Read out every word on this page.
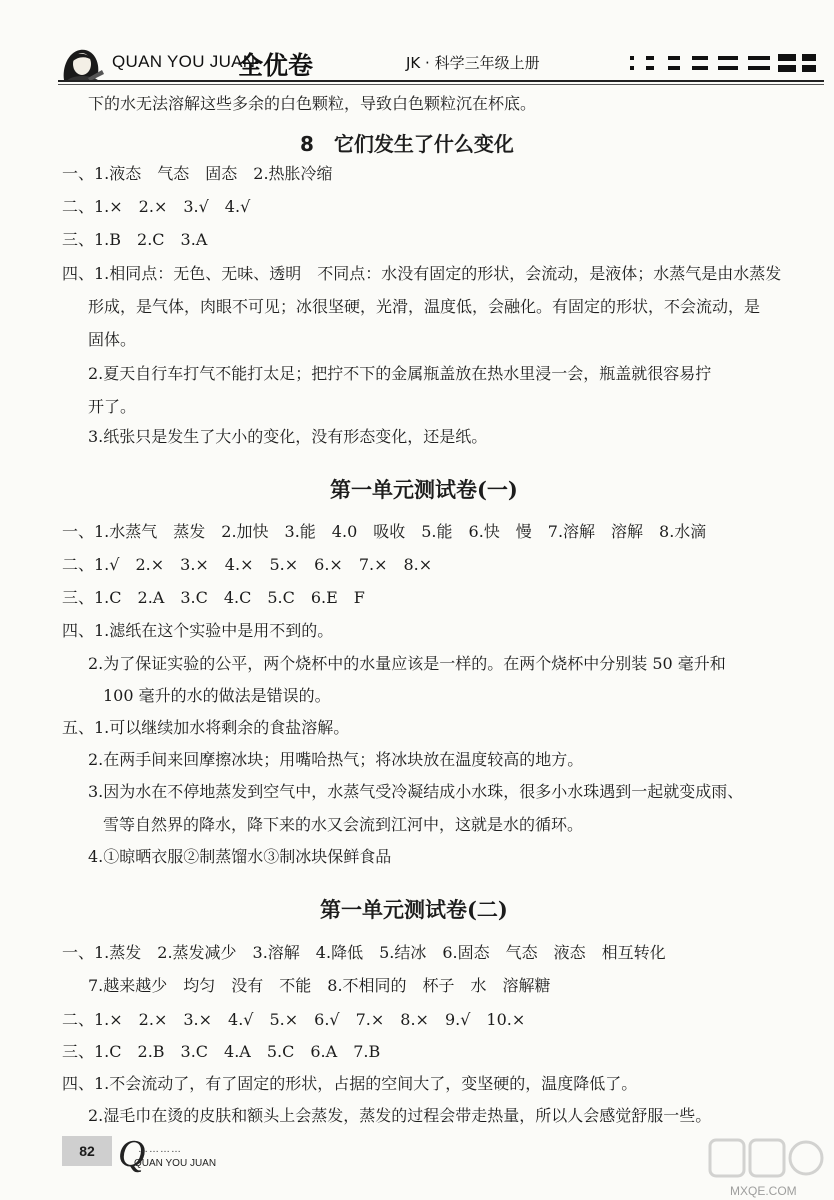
QUAN YOU JUAN
全优卷	JK · 科学三年级上册
下的水无法溶解这些多余的白色颗粒，导致白色颗粒沉在杯底。
8　它们发生了什么变化
一、1.液态　气态　固态　2.热胀冷缩
二、1.×　2.×　3.√　4.√
三、1.B　2.C　3.A
四、1.相同点：无色、无味、透明　不同点：水没有固定的形状，会流动，是液体；水蒸气是由水蒸发
形成，是气体，肉眼不可见；冰很坚硬，光滑，温度低，会融化。有固定的形状，不会流动，是
固体。
2.夏天自行车打气不能打太足；把拧不下的金属瓶盖放在热水里浸一会，瓶盖就很容易拧
开了。
3.纸张只是发生了大小的变化，没有形态变化，还是纸。
第一单元测试卷(一)
一、1.水蒸气　蒸发　2.加快　3.能　4.0　吸收　5.能　6.快　慢　7.溶解　溶解　8.水滴
二、1.√　2.×　3.×　4.×　5.×　6.×　7.×　8.×
三、1.C　2.A　3.C　4.C　5.C　6.E　F
四、1.滤纸在这个实验中是用不到的。
2.为了保证实验的公平，两个烧杯中的水量应该是一样的。在两个烧杯中分别装 50 毫升和
100 毫升的水的做法是错误的。
五、1.可以继续加水将剩余的食盐溶解。
2.在两手间来回摩擦冰块；用嘴哈热气；将冰块放在温度较高的地方。
3.因为水在不停地蒸发到空气中，水蒸气受冷凝结成小水珠，很多小水珠遇到一起就变成雨、
雪等自然界的降水，降下来的水又会流到江河中，这就是水的循环。
4.①晾晒衣服②制蒸馏水③制冰块保鲜食品
第一单元测试卷(二)
一、1.蒸发　2.蒸发减少　3.溶解　4.降低　5.结冰　6.固态　气态　液态　相互转化
7.越来越少　均匀　没有　不能　8.不相同的　杯子　水　溶解糖
二、1.×　2.×　3.×　4.√　5.×　6.√　7.×　8.×　9.√　10.×
三、1.C　2.B　3.C　4.A　5.C　6.A　7.B
四、1.不会流动了，有了固定的形状，占据的空间大了，变坚硬的，温度降低了。
2.湿毛巾在烫的皮肤和额头上会蒸发，蒸发的过程会带走热量，所以人会感觉舒服一些。
82 Q
…………
QUAN YOU JUAN
MXQE.COM
